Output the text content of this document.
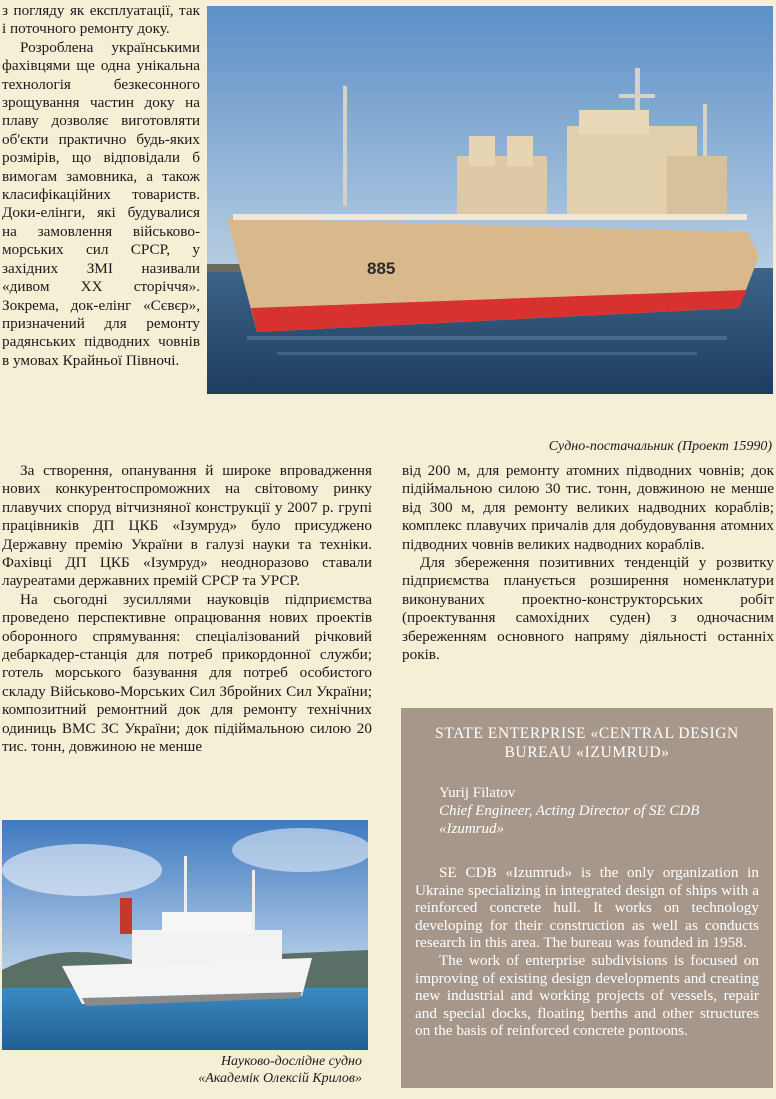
з погляду як експлуатації, так і поточного ремонту доку.

Розроблена українськими фахівцями ще одна унікальна технологія безкесонного зрощування частин доку на плаву дозволяє виготовляти об'єкти практично будь-яких розмірів, що відповідали б вимогам замовника, а також класифікаційних товариств. Доки-елінги, які будувалися на замовлення військово-морських сил СРСР, у західних ЗМІ називали «дивом ХХ сторіччя». Зокрема, док-елінг «Сєвєр», призначений для ремонту радянських підводних човнів в умовах Крайньої Півночі.

885
Судно-постачальник (Проект 15990)

За створення, опанування й широке впровадження нових конкурентоспроможних на світовому ринку плавучих споруд вітчизняної конструкції у 2007 р. групі працівників ДП ЦКБ «Ізумруд» було присуджено Державну премію України в галузі науки та техніки. Фахівці ДП ЦКБ «Ізумруд» неодноразово ставали лауреатами державних премій СРСР та УРСР.

На сьогодні зусиллями науковців підприємства проведено перспективне опрацювання нових проектів оборонного спрямування: спеціалізований річковий дебаркадер-станція для потреб прикордонної служби; готель морського базування для потреб особистого складу Військово-Морських Сил Збройних Сил України; композитний ремонтний док для ремонту технічних одиниць ВМС ЗС України; док підіймальною силою 20 тис. тонн, довжиною не менше

від 200 м, для ремонту атомних підводних човнів; док підіймальною силою 30 тис. тонн, довжиною не менше від 300 м, для ремонту великих надводних кораблів; комплекс плавучих причалів для добудовування атомних підводних човнів великих надводних кораблів.

Для збереження позитивних тенденцій у розвитку підприємства планується розширення номенклатури виконуваних проектно-конструкторських робіт (проектування самохідних суден) з одночасним збереженням основного напряму діяльності останніх років.

Науково-дослідне судно
«Академік Олексій Крилов»
STATE ENTERPRISE «CENTRAL DESIGN
BUREAU «IZUMRUD»
Yurij Filatov
Chief Engineer, Acting Director of SE CDB «Izumrud»

SE CDB «Izumrud» is the only organization in Ukraine specializing in integrated design of ships with a reinforced concrete hull. It works on technology developing for their construction as well as conducts research in this area. The bureau was founded in 1958.

The work of enterprise subdivisions is focused on improving of existing design developments and creating new industrial and working projects of vessels, repair and special docks, floating berths and other structures on the basis of reinforced concrete pontoons.
